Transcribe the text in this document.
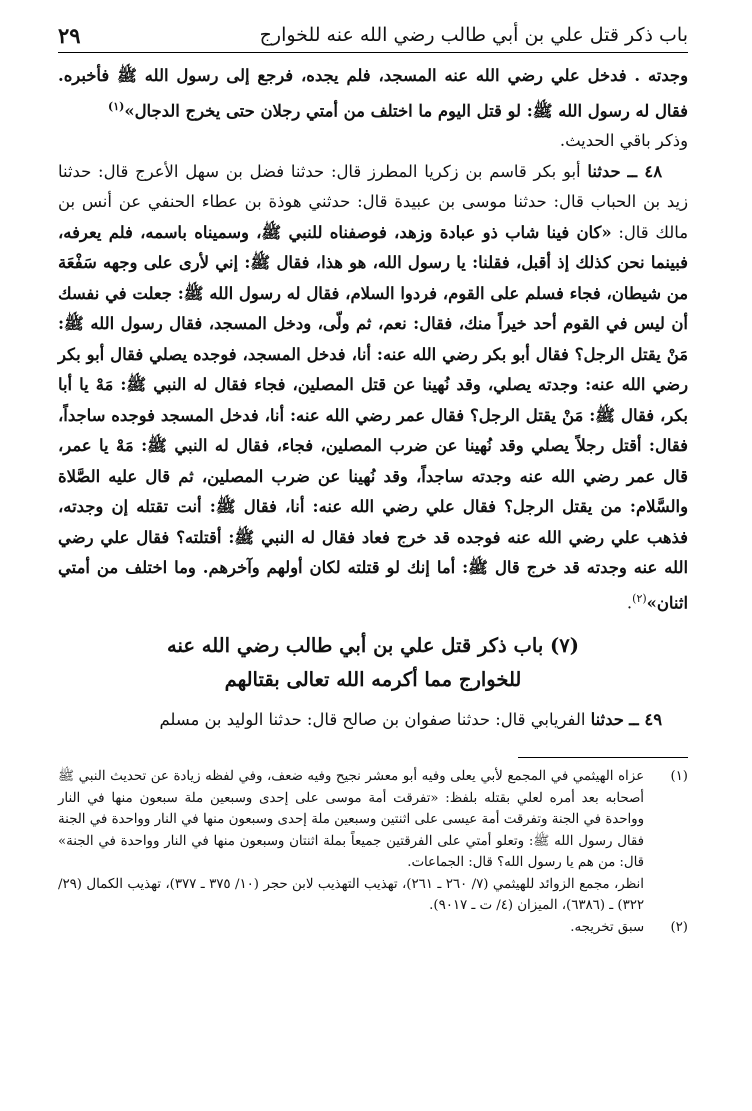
باب ذكر قتل علي بن أبي طالب رضي الله عنه للخوارج
٢٩

وجدته . فدخل علي رضي الله عنه المسجد، فلم يجده، فرجع إلى رسول الله ﷺ فأخبره. فقال له رسول الله ﷺ: لو قتل اليوم ما اختلف من أمتي رجلان حتى يخرج الدجال»$^{(١)}$

وذكر باقي الحديث.

٤٨ ــ حدثنا أبو بكر قاسم بن زكريا المطرز قال: حدثنا فضل بن سهل الأعرج قال: حدثنا زيد بن الحباب قال: حدثنا موسى بن عبيدة قال: حدثني هوذة بن عطاء الحنفي عن أنس بن مالك قال: «كان فينا شاب ذو عبادة وزهد، فوصفناه للنبي ﷺ، وسميناه باسمه، فلم يعرفه، فبينما نحن كذلك إذ أقبل، فقلنا: يا رسول الله، هو هذا، فقال ﷺ: إني لأرى على وجهه سَفْعَة من شيطان، فجاء فسلم على القوم، فردوا السلام، فقال له رسول الله ﷺ: جعلت في نفسك أن ليس في القوم أحد خيراً منك، فقال: نعم، ثم ولّى، ودخل المسجد، فقال رسول الله ﷺ: مَنْ يقتل الرجل؟ فقال أبو بكر رضي الله عنه: أنا، فدخل المسجد، فوجده يصلي فقال أبو بكر رضي الله عنه: وجدته يصلي، وقد نُهينا عن قتل المصلين، فجاء فقال له النبي ﷺ: مَهْ يا أبا بكر، فقال ﷺ: مَنْ يقتل الرجل؟ فقال عمر رضي الله عنه: أنا، فدخل المسجد فوجده ساجداً، فقال: أقتل رجلاً يصلي وقد نُهينا عن ضرب المصلين، فجاء، فقال له النبي ﷺ: مَهْ يا عمر، قال عمر رضي الله عنه وجدته ساجداً، وقد نُهينا عن ضرب المصلين، ثم قال عليه الصَّلاة والسَّلام: من يقتل الرجل؟ فقال علي رضي الله عنه: أنا، فقال ﷺ: أنت تقتله إن وجدته، فذهب علي رضي الله عنه فوجده قد خرج فعاد فقال له النبي ﷺ: أقتلته؟ فقال علي رضي الله عنه وجدته قد خرج قال ﷺ: أما إنك لو قتلته لكان أولهم وآخرهم. وما اختلف من أمتي اثنان»$^{(٢)}$.

(٧) باب ذكر قتل علي بن أبي طالب رضي الله عنه
للخوارج مما أكرمه الله تعالى بقتالهم

٤٩ ــ حدثنا الفريابي قال: حدثنا صفوان بن صالح قال: حدثنا الوليد بن مسلم

(١)
عزاه الهيثمي في المجمع لأبي يعلى وفيه أبو معشر نجيح وفيه ضعف، وفي لفظه زيادة عن تحديث النبي ﷺ أصحابه بعد أمره لعلي بقتله بلفظ: «تفرقت أمة موسى على إحدى وسبعين ملة سبعون منها في النار وواحدة في الجنة وتفرقت أمة عيسى على اثنتين وسبعين ملة إحدى وسبعون منها في النار وواحدة في الجنة فقال رسول الله ﷺ: وتعلو أمتي على الفرقتين جميعاً بملة اثنتان وسبعون منها في النار وواحدة في الجنة» قال: من هم يا رسول الله؟ قال: الجماعات.
انظر، مجمع الزوائد للهيثمي (٧/ ٢٦٠ ـ ٢٦١)، تهذيب التهذيب لابن حجر (١٠/ ٣٧٥ ـ ٣٧٧)، تهذيب الكمال (٢٩/ ٣٢٢) ـ (٦٣٨٦)، الميزان (٤/ ت ـ ٩٠١٧).
(٢)
سبق تخريجه.
